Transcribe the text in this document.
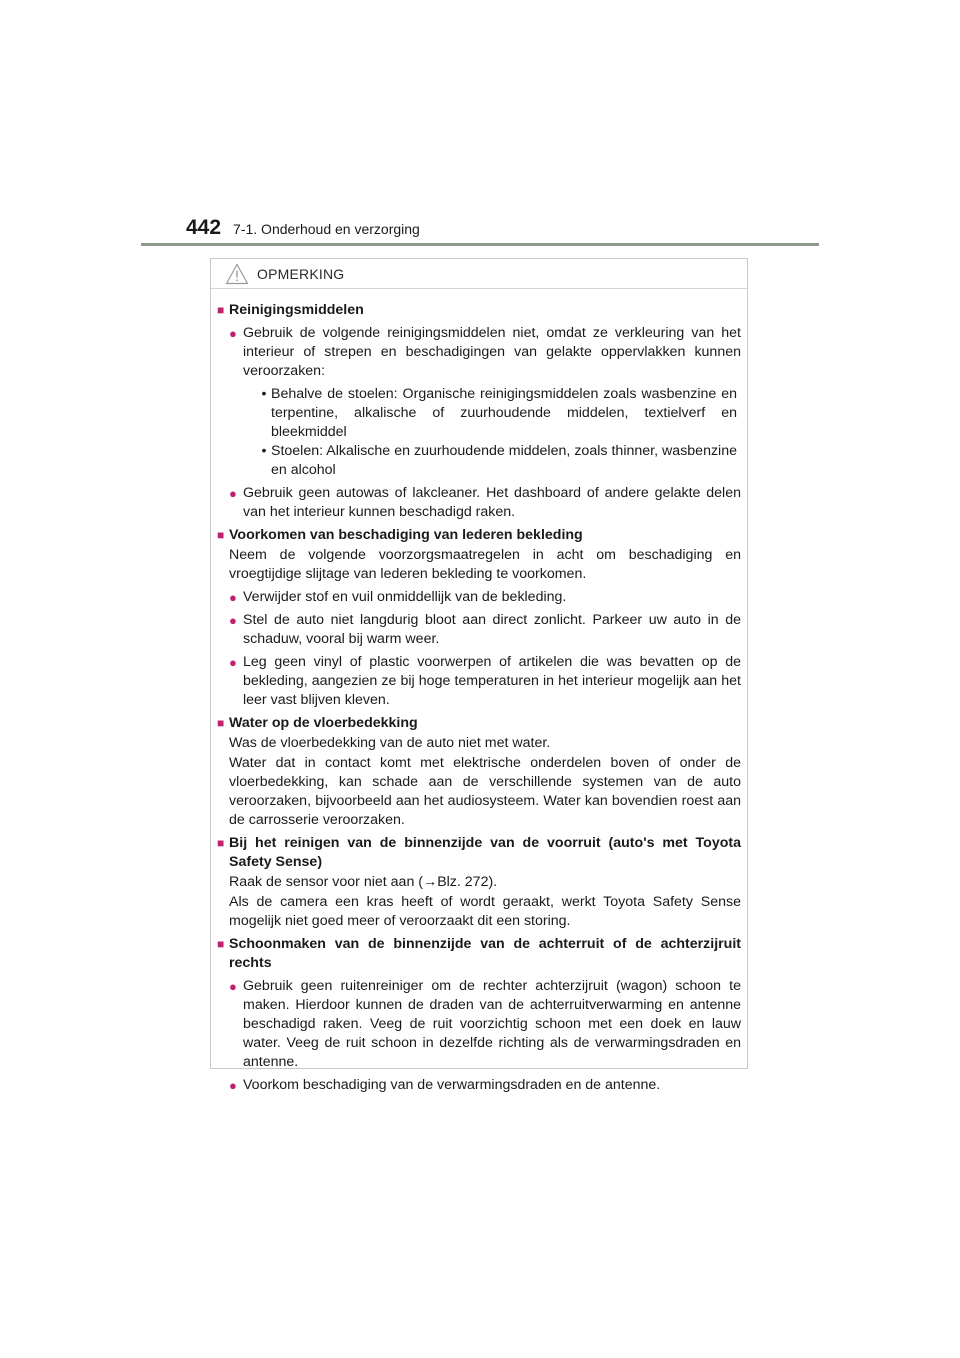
442 7-1. Onderhoud en verzorging
OPMERKING
■ Reinigingsmiddelen
● Gebruik de volgende reinigingsmiddelen niet, omdat ze verkleuring van het interieur of strepen en beschadigingen van gelakte oppervlakken kunnen veroorzaken:
• Behalve de stoelen: Organische reinigingsmiddelen zoals wasbenzine en terpentine, alkalische of zuurhoudende middelen, textielverf en bleekmiddel
• Stoelen: Alkalische en zuurhoudende middelen, zoals thinner, wasbenzine en alcohol
● Gebruik geen autowas of lakcleaner. Het dashboard of andere gelakte delen van het interieur kunnen beschadigd raken.
■ Voorkomen van beschadiging van lederen bekleding
Neem de volgende voorzorgsmaatregelen in acht om beschadiging en vroegtijdige slijtage van lederen bekleding te voorkomen.
● Verwijder stof en vuil onmiddellijk van de bekleding.
● Stel de auto niet langdurig bloot aan direct zonlicht. Parkeer uw auto in de schaduw, vooral bij warm weer.
● Leg geen vinyl of plastic voorwerpen of artikelen die was bevatten op de bekleding, aangezien ze bij hoge temperaturen in het interieur mogelijk aan het leer vast blijven kleven.
■ Water op de vloerbedekking
Was de vloerbedekking van de auto niet met water.
Water dat in contact komt met elektrische onderdelen boven of onder de vloerbedekking, kan schade aan de verschillende systemen van de auto veroorzaken, bijvoorbeeld aan het audiosysteem. Water kan bovendien roest aan de carrosserie veroorzaken.
■ Bij het reinigen van de binnenzijde van de voorruit (auto's met Toyota Safety Sense)
Raak de sensor voor niet aan (→Blz. 272).
Als de camera een kras heeft of wordt geraakt, werkt Toyota Safety Sense mogelijk niet goed meer of veroorzaakt dit een storing.
■ Schoonmaken van de binnenzijde van de achterruit of de achterzijruit rechts
● Gebruik geen ruitenreiniger om de rechter achterzijruit (wagon) schoon te maken. Hierdoor kunnen de draden van de achterruitverwarming en antenne beschadigd raken. Veeg de ruit voorzichtig schoon met een doek en lauw water. Veeg de ruit schoon in dezelfde richting als de verwarmingsdraden en antenne.
● Voorkom beschadiging van de verwarmingsdraden en de antenne.
